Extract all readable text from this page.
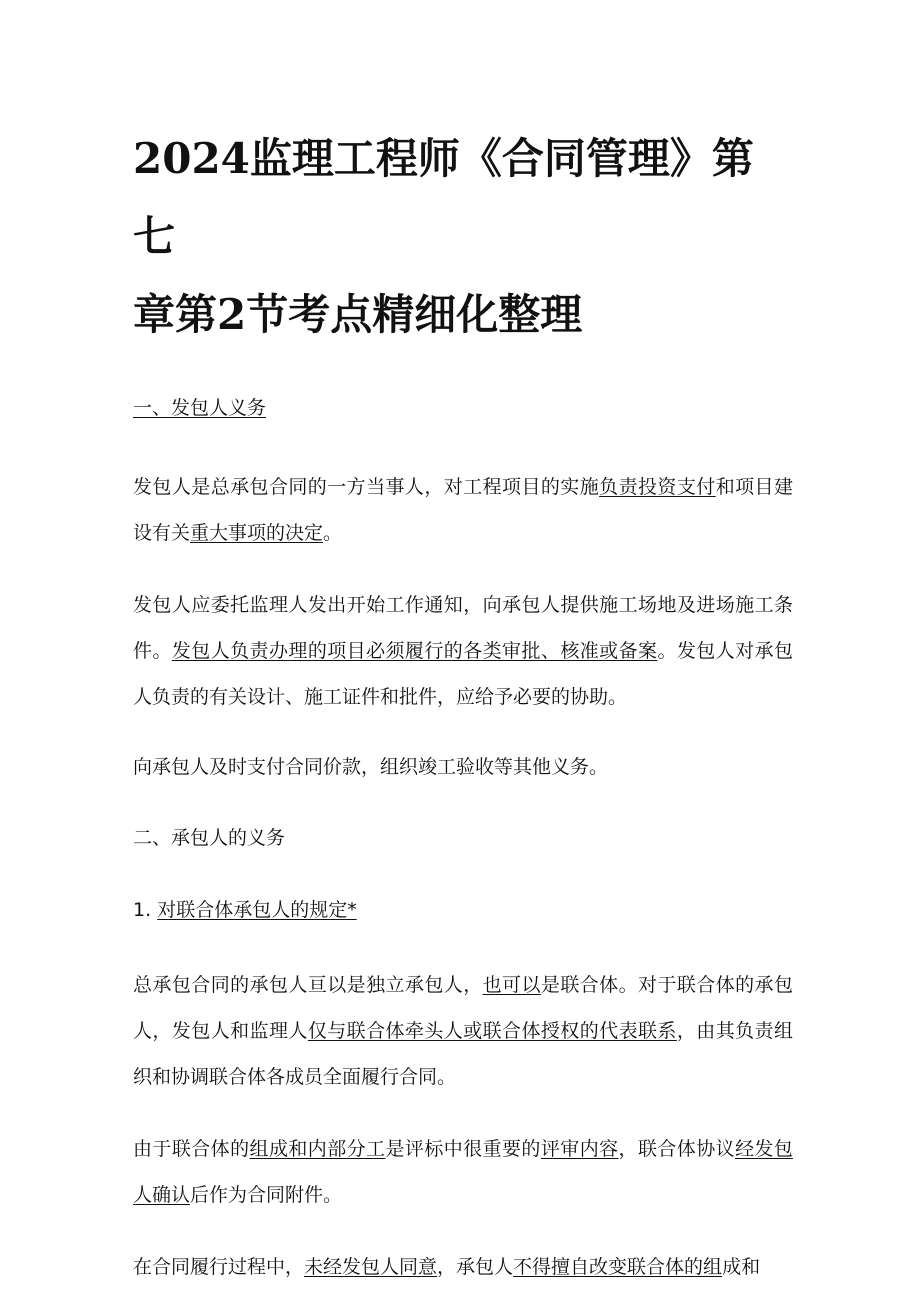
2024监理工程师《合同管理》第七
章第2节考点精细化整理

一、发包人义务

发包人是总承包合同的一方当事人，对工程项目的实施负责投资支付和项目建设有关重大事项的决定。

发包人应委托监理人发出开始工作通知，向承包人提供施工场地及进场施工条件。发包人负责办理的项目必须履行的各类审批、核准或备案。发包人对承包人负责的有关设计、施工证件和批件，应给予必要的协助。

向承包人及时支付合同价款，组织竣工验收等其他义务。

二、承包人的义务

1. 对联合体承包人的规定*

总承包合同的承包人亘以是独立承包人，也可以是联合体。对于联合体的承包人，发包人和监理人仅与联合体牵头人或联合体授权的代表联系，由其负责组织和协调联合体各成员全面履行合同。

由于联合体的组成和内部分工是评标中很重要的评审内容，联合体协议经发包人确认后作为合同附件。

在合同履行过程中，未经发包人同意，承包人不得擅自改变联合体的组成和
